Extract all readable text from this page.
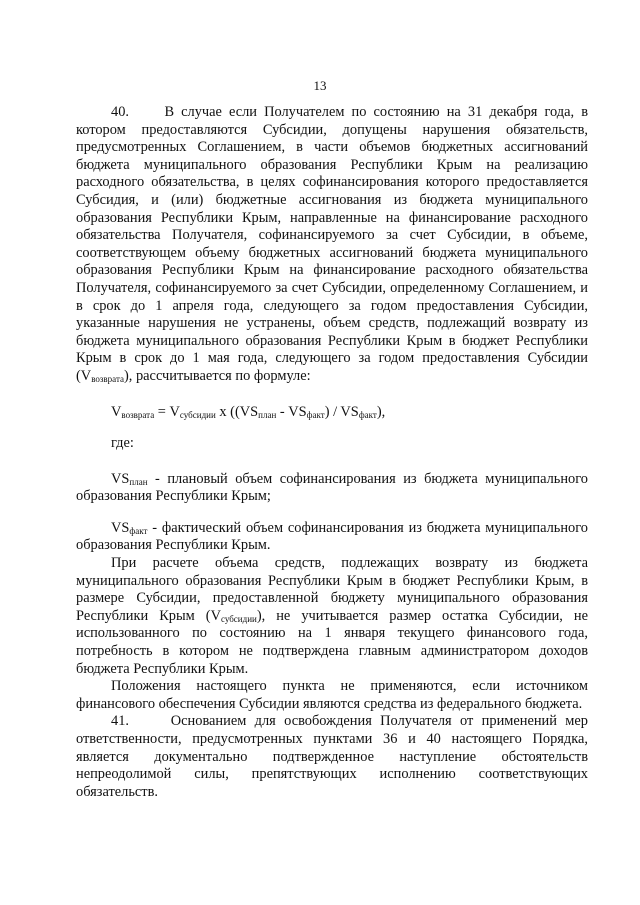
13

40. В случае если Получателем по состоянию на 31 декабря года, в котором предоставляются Субсидии, допущены нарушения обязательств, предусмотренных Соглашением, в части объемов бюджетных ассигнований бюджета муниципального образования Республики Крым на реализацию расходного обязательства, в целях софинансирования которого предоставляется Субсидия, и (или) бюджетные ассигнования из бюджета муниципального образования Республики Крым, направленные на финансирование расходного обязательства Получателя, софинансируемого за счет Субсидии, в объеме, соответствующем объему бюджетных ассигнований бюджета муниципального образования Республики Крым на финансирование расходного обязательства Получателя, софинансируемого за счет Субсидии, определенному Соглашением, и в срок до 1 апреля года, следующего за годом предоставления Субсидии, указанные нарушения не устранены, объем средств, подлежащий возврату из бюджета муниципального образования Республики Крым в бюджет Республики Крым в срок до 1 мая года, следующего за годом предоставления Субсидии $(V_{возврата})$, рассчитывается по формуле:

$V_{возврата} = V_{субсидии}$ x $((VS_{план} - VS_{факт}) / VS_{факт})$,

где:

$VS_{план}$ - плановый объем софинансирования из бюджета муниципального образования Республики Крым;

$VS_{факт}$ - фактический объем софинансирования из бюджета муниципального образования Республики Крым.

При расчете объема средств, подлежащих возврату из бюджета муниципального образования Республики Крым в бюджет Республики Крым, в размере Субсидии, предоставленной бюджету муниципального образования Республики Крым $(V_{субсидии})$, не учитывается размер остатка Субсидии, не использованного по состоянию на 1 января текущего финансового года, потребность в котором не подтверждена главным администратором доходов бюджета Республики Крым.

Положения настоящего пункта не применяются, если источником финансового обеспечения Субсидии являются средства из федерального бюджета.

41.	Основанием для освобождения Получателя от применений мер ответственности, предусмотренных пунктами 36 и 40 настоящего Порядка, является документально подтвержденное наступление обстоятельств непреодолимой силы, препятствующих исполнению соответствующих обязательств.
